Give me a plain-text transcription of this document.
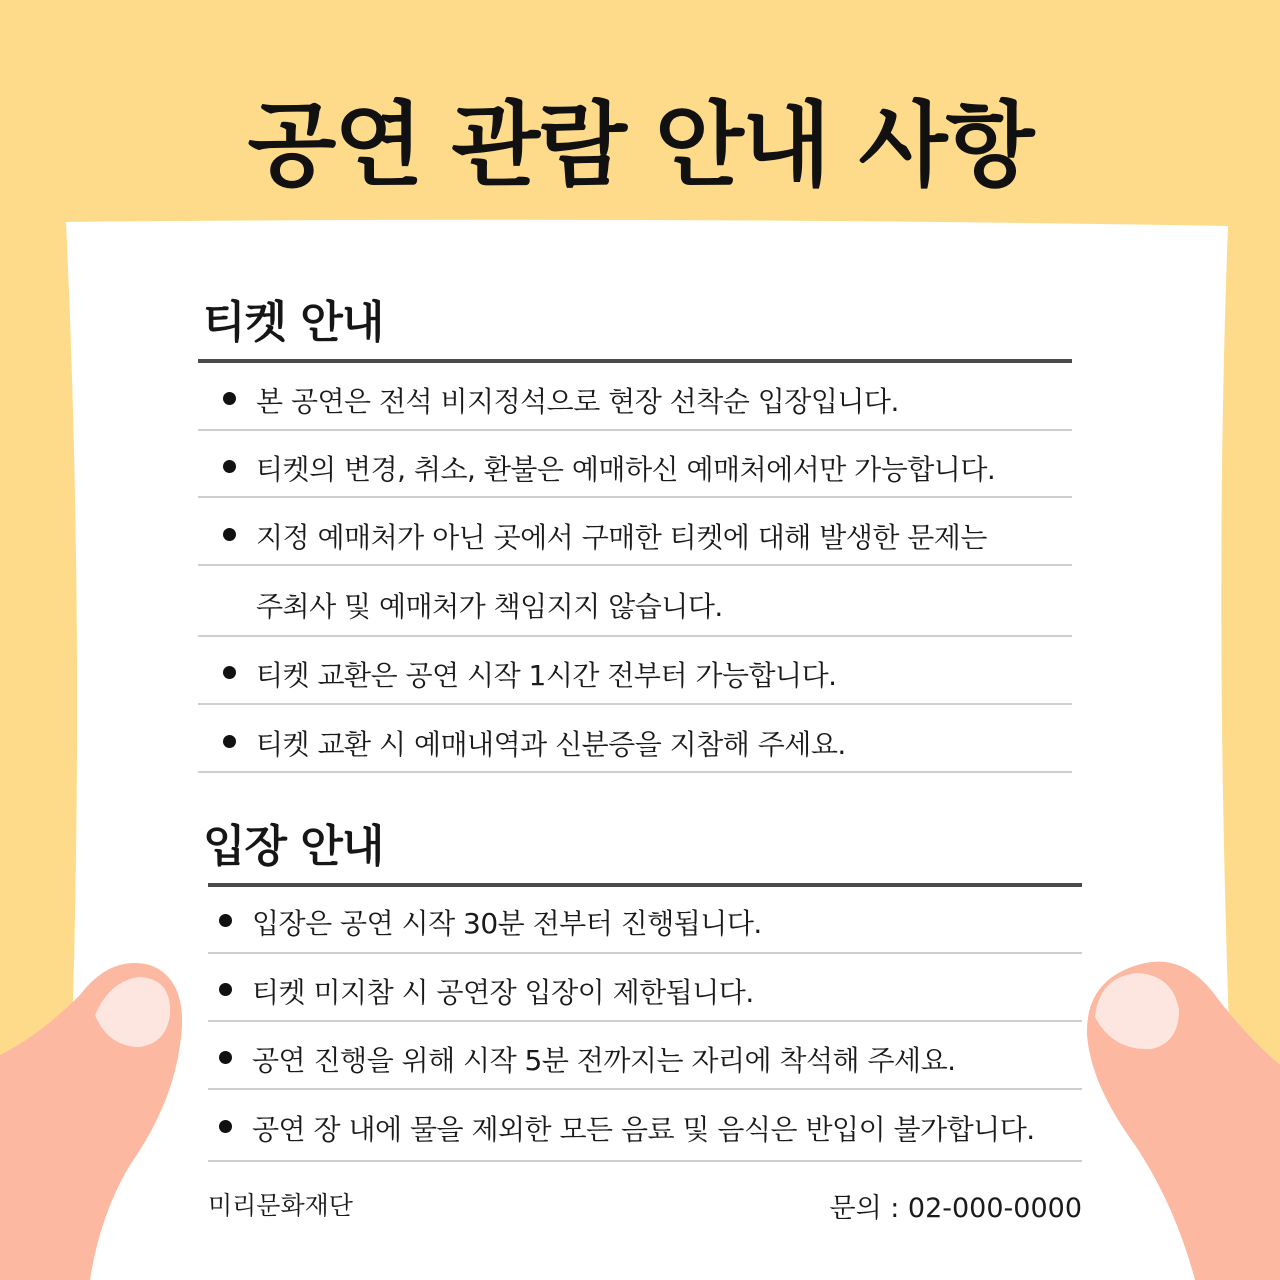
공연 관람 안내 사항
티켓 안내
본 공연은 전석 비지정석으로 현장 선착순 입장입니다.
티켓의 변경, 취소, 환불은 예매하신 예매처에서만 가능합니다.
지정 예매처가 아닌 곳에서 구매한 티켓에 대해 발생한 문제는
주최사 및 예매처가 책임지지 않습니다.
티켓 교환은 공연 시작 1시간 전부터 가능합니다.
티켓 교환 시 예매내역과 신분증을 지참해 주세요.
입장 안내
입장은 공연 시작 30분 전부터 진행됩니다.
티켓 미지참 시 공연장 입장이 제한됩니다.
공연 진행을 위해 시작 5분 전까지는 자리에 착석해 주세요.
공연 장 내에 물을 제외한 모든 음료 및 음식은 반입이 불가합니다.
미리문화재단	문의 : 02-000-0000
